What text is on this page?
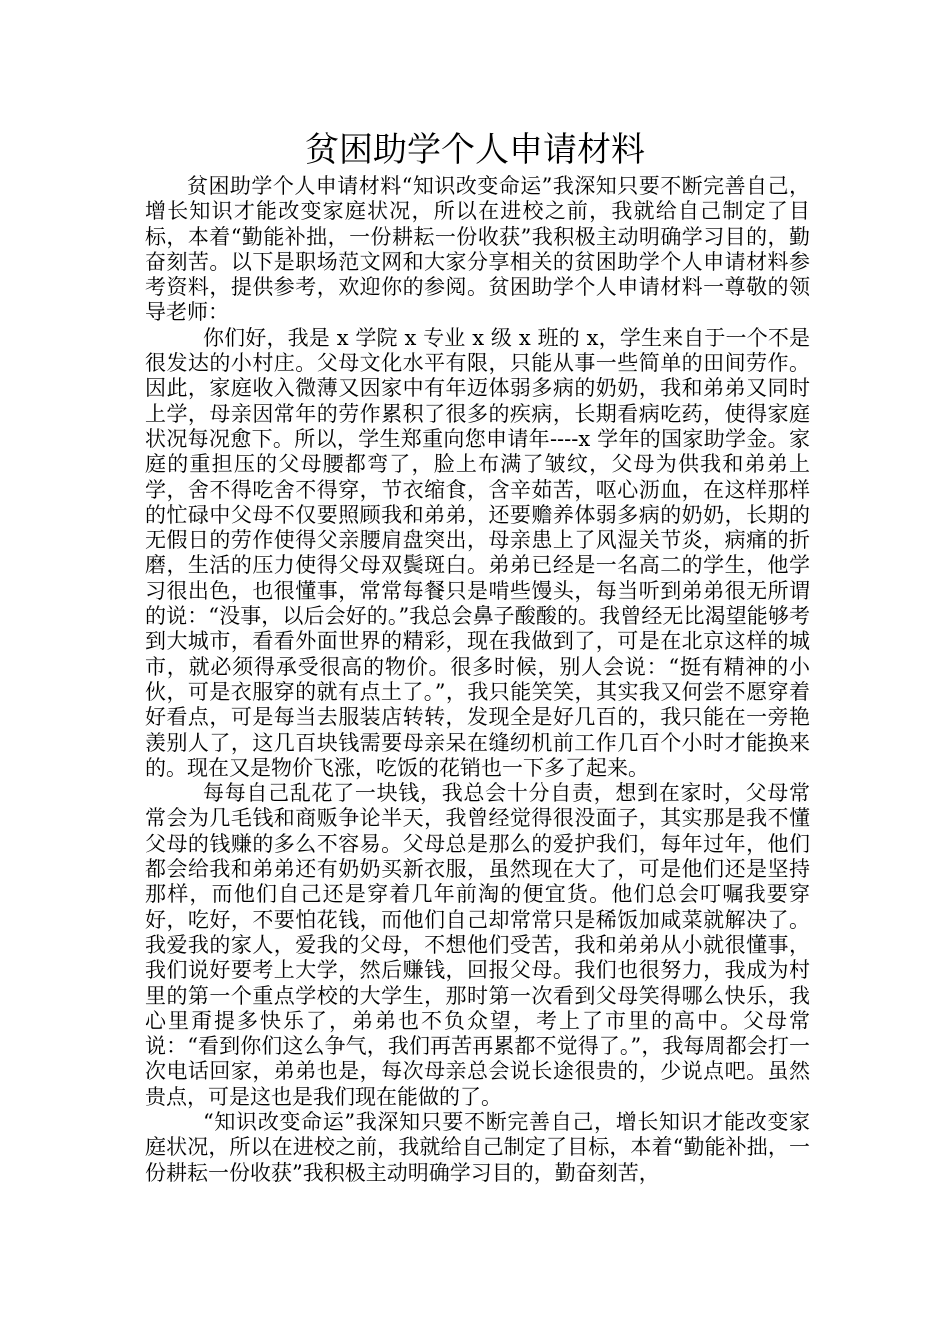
贫困助学个人申请材料

贫困助学个人申请材料“知识改变命运”我深知只要不断完善自己，增长知识才能改变家庭状况，所以在进校之前，我就给自己制定了目标，本着“勤能补拙，一份耕耘一份收获”我积极主动明确学习目的，勤奋刻苦。以下是职场范文网和大家分享相关的贫困助学个人申请材料参考资料，提供参考，欢迎你的参阅。贫困助学个人申请材料一尊敬的领导老师：

你们好，我是 x 学院 x 专业 x 级 x 班的 x，学生来自于一个不是很发达的小村庄。父母文化水平有限，只能从事一些简单的田间劳作。因此，家庭收入微薄又因家中有年迈体弱多病的奶奶，我和弟弟又同时上学，母亲因常年的劳作累积了很多的疾病，长期看病吃药，使得家庭状况每况愈下。所以，学生郑重向您申请年----x 学年的国家助学金。家庭的重担压的父母腰都弯了，脸上布满了皱纹，父母为供我和弟弟上学，舍不得吃舍不得穿，节衣缩食，含辛茹苦，呕心沥血，在这样那样的忙碌中父母不仅要照顾我和弟弟，还要赡养体弱多病的奶奶，长期的无假日的劳作使得父亲腰肩盘突出，母亲患上了风湿关节炎，病痛的折磨，生活的压力使得父母双鬓斑白。弟弟已经是一名高二的学生，他学习很出色，也很懂事，常常每餐只是啃些馒头，每当听到弟弟很无所谓的说：“没事，以后会好的。”我总会鼻子酸酸的。我曾经无比渴望能够考到大城市，看看外面世界的精彩，现在我做到了，可是在北京这样的城市，就必须得承受很高的物价。很多时候，别人会说：“挺有精神的小伙，可是衣服穿的就有点土了。”，我只能笑笑，其实我又何尝不愿穿着好看点，可是每当去服装店转转，发现全是好几百的，我只能在一旁艳羡别人了，这几百块钱需要母亲呆在缝纫机前工作几百个小时才能换来的。现在又是物价飞涨，吃饭的花销也一下多了起来。

每每自己乱花了一块钱，我总会十分自责，想到在家时，父母常常会为几毛钱和商贩争论半天，我曾经觉得很没面子，其实那是我不懂父母的钱赚的多么不容易。父母总是那么的爱护我们，每年过年，他们都会给我和弟弟还有奶奶买新衣服，虽然现在大了，可是他们还是坚持那样，而他们自己还是穿着几年前淘的便宜货。他们总会叮嘱我要穿好，吃好，不要怕花钱，而他们自己却常常只是稀饭加咸菜就解决了。我爱我的家人，爱我的父母，不想他们受苦，我和弟弟从小就很懂事，我们说好要考上大学，然后赚钱，回报父母。我们也很努力，我成为村里的第一个重点学校的大学生，那时第一次看到父母笑得哪么快乐，我心里甭提多快乐了，弟弟也不负众望，考上了市里的高中。父母常说：“看到你们这么争气，我们再苦再累都不觉得了。”，我每周都会打一次电话回家，弟弟也是，每次母亲总会说长途很贵的，少说点吧。虽然贵点，可是这也是我们现在能做的了。

“知识改变命运”我深知只要不断完善自己，增长知识才能改变家庭状况，所以在进校之前，我就给自己制定了目标，本着“勤能补拙，一份耕耘一份收获”我积极主动明确学习目的，勤奋刻苦，
